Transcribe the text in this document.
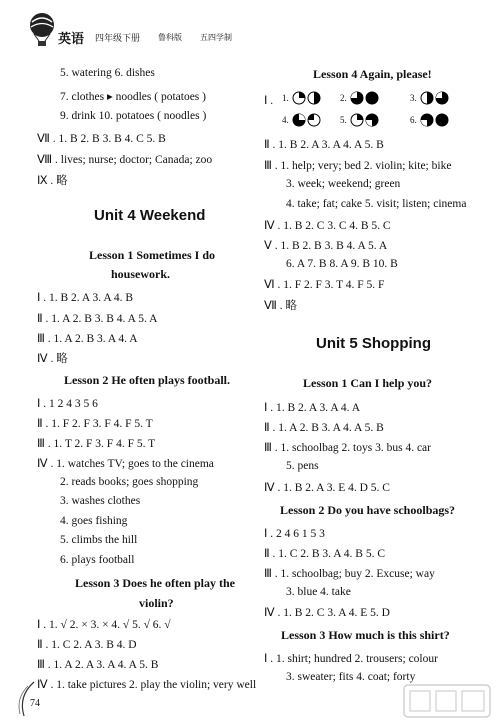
英语 四年级下册 鲁科版 五四学制
5. watering 6. dishes
7. clothes ▸ noodles ( potatoes )
9. drink 10. potatoes ( noodles )
Ⅶ . 1. B 2. B 3. B 4. C 5. B
Ⅷ . lives; nurse; doctor; Canada; zoo
Ⅸ . 略
Unit 4 Weekend
Lesson 1 Sometimes I do
housework.
Ⅰ . 1. B 2. A 3. A 4. B
Ⅱ . 1. A 2. B 3. B 4. A 5. A
Ⅲ . 1. A 2. B 3. A 4. A
Ⅳ . 略
Lesson 2 He often plays football.
Ⅰ . 1 2 4 3 5 6
Ⅱ . 1. F 2. F 3. F 4. F 5. T
Ⅲ . 1. T 2. F 3. F 4. F 5. T
Ⅳ . 1. watches TV; goes to the cinema
2. reads books; goes shopping
3. washes clothes
4. goes fishing
5. climbs the hill
6. plays football
Lesson 3 Does he often play the
violin?
Ⅰ . 1. √ 2. × 3. × 4. √ 5. √ 6. √
Ⅱ . 1. C 2. A 3. B 4. D
Ⅲ . 1. A 2. A 3. A 4. A 5. B
Ⅳ . 1. take pictures 2. play the violin; very well
Lesson 4 Again, please!
Ⅰ . 1.	2.	3.
4.	5.	6.
Ⅱ . 1. B 2. A 3. A 4. A 5. B
Ⅲ . 1. help; very; bed 2. violin; kite; bike
3. week; weekend; green
4. take; fat; cake 5. visit; listen; cinema
Ⅳ . 1. B 2. C 3. C 4. B 5. C
Ⅴ . 1. B 2. B 3. B 4. A 5. A
6. A 7. B 8. A 9. B 10. B
Ⅵ . 1. F 2. F 3. T 4. F 5. F
Ⅶ . 略
Unit 5 Shopping
Lesson 1 Can I help you?
Ⅰ . 1. B 2. A 3. A 4. A
Ⅱ . 1. A 2. B 3. A 4. A 5. B
Ⅲ . 1. schoolbag 2. toys 3. bus 4. car
5. pens
Ⅳ . 1. B 2. A 3. E 4. D 5. C
Lesson 2 Do you have schoolbags?
Ⅰ . 2 4 6 1 5 3
Ⅱ . 1. C 2. B 3. A 4. B 5. C
Ⅲ . 1. schoolbag; buy 2. Excuse; way
3. blue 4. take
Ⅳ . 1. B 2. C 3. A 4. E 5. D
Lesson 3 How much is this shirt?
Ⅰ . 1. shirt; hundred 2. trousers; colour
3. sweater; fits 4. coat; forty
74
